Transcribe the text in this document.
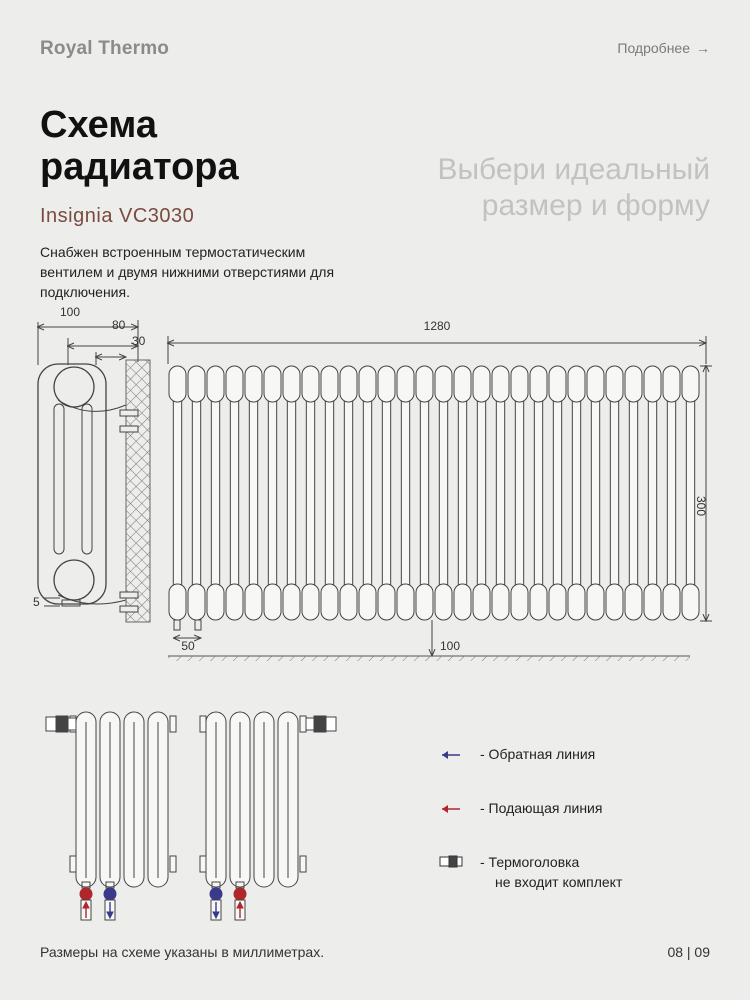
Royal Thermo	Подробнее →
Схема
радиатора	Выбери идеальный
размер и форму
Insignia VC3030
Снабжен встроенным термостатическим вентилем и двумя нижними отверстиями для подключения.
100
80
30
5
1280
300
50	100
- Обратная линия
- Подающая линия
- Термоголовка
не входит комплект
Размеры на схеме указаны в миллиметрах.	08 | 09
